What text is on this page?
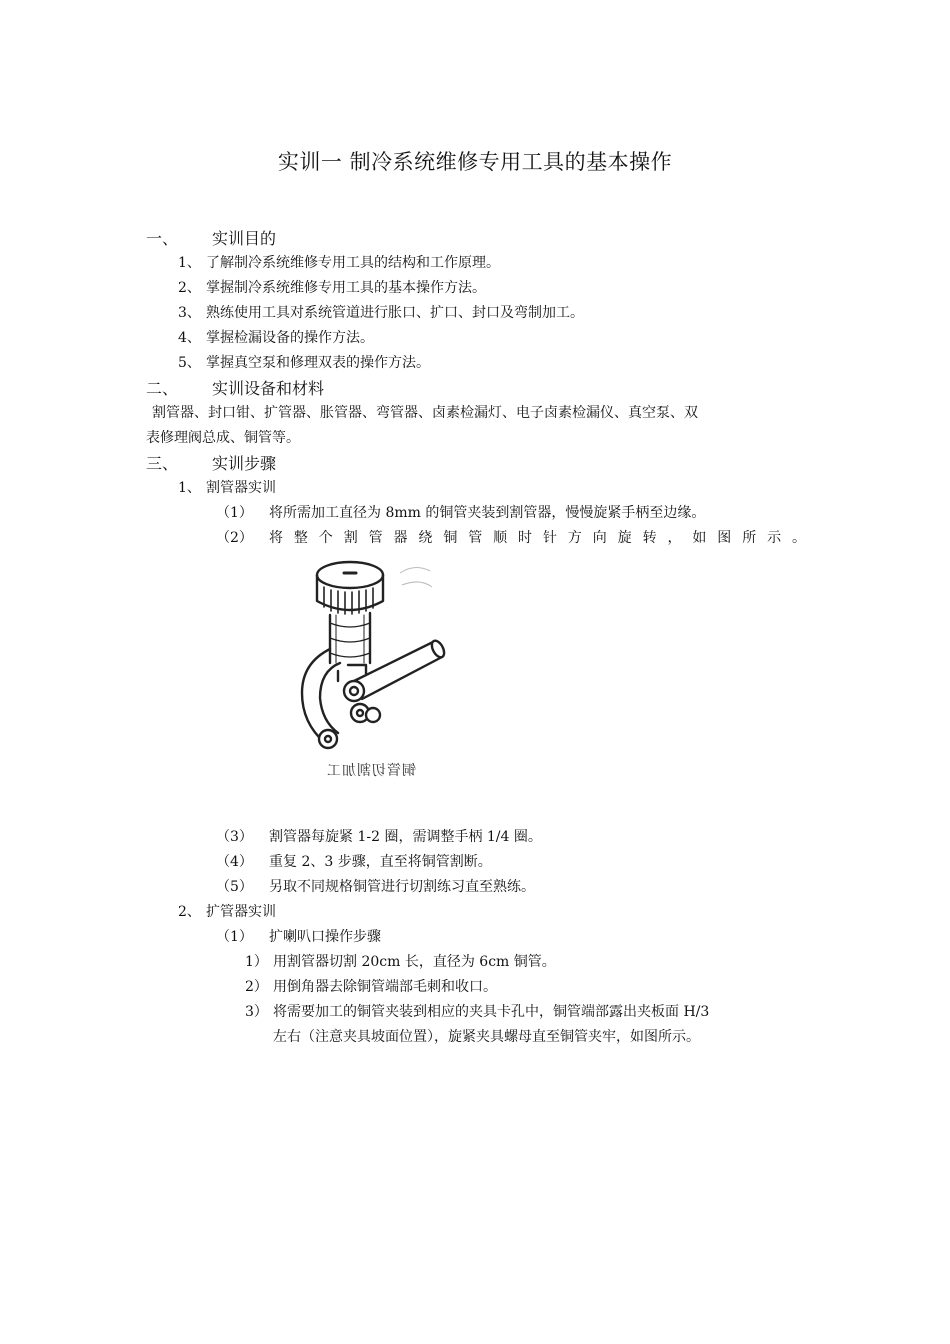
实训一 制冷系统维修专用工具的基本操作
一、 实训目的
1、 了解制冷系统维修专用工具的结构和工作原理。
2、 掌握制冷系统维修专用工具的基本操作方法。
3、 熟练使用工具对系统管道进行胀口、扩口、封口及弯制加工。
4、 掌握检漏设备的操作方法。
5、 掌握真空泵和修理双表的操作方法。
二、 实训设备和材料
割管器、封口钳、扩管器、胀管器、弯管器、卤素检漏灯、电子卤素检漏仪、真空泵、双
表修理阀总成、铜管等。
三、 实训步骤
1、 割管器实训
（1） 将所需加工直径为 8mm 的铜管夹装到割管器，慢慢旋紧手柄至边缘。
（2） 将 整 个 割 管 器 绕 铜 管 顺 时 针 方 向 旋 转 ， 如 图 所 示 。
铜管切割加工
（3） 割管器每旋紧 1-2 圈，需调整手柄 1/4 圈。
（4） 重复 2、3 步骤，直至将铜管割断。
（5） 另取不同规格铜管进行切割练习直至熟练。
2、 扩管器实训
（1） 扩喇叭口操作步骤
1） 用割管器切割 20cm 长，直径为 6cm 铜管。
2） 用倒角器去除铜管端部毛刺和收口。
3） 将需要加工的铜管夹装到相应的夹具卡孔中，铜管端部露出夹板面 H/3
左右（注意夹具坡面位置），旋紧夹具螺母直至铜管夹牢，如图所示。
